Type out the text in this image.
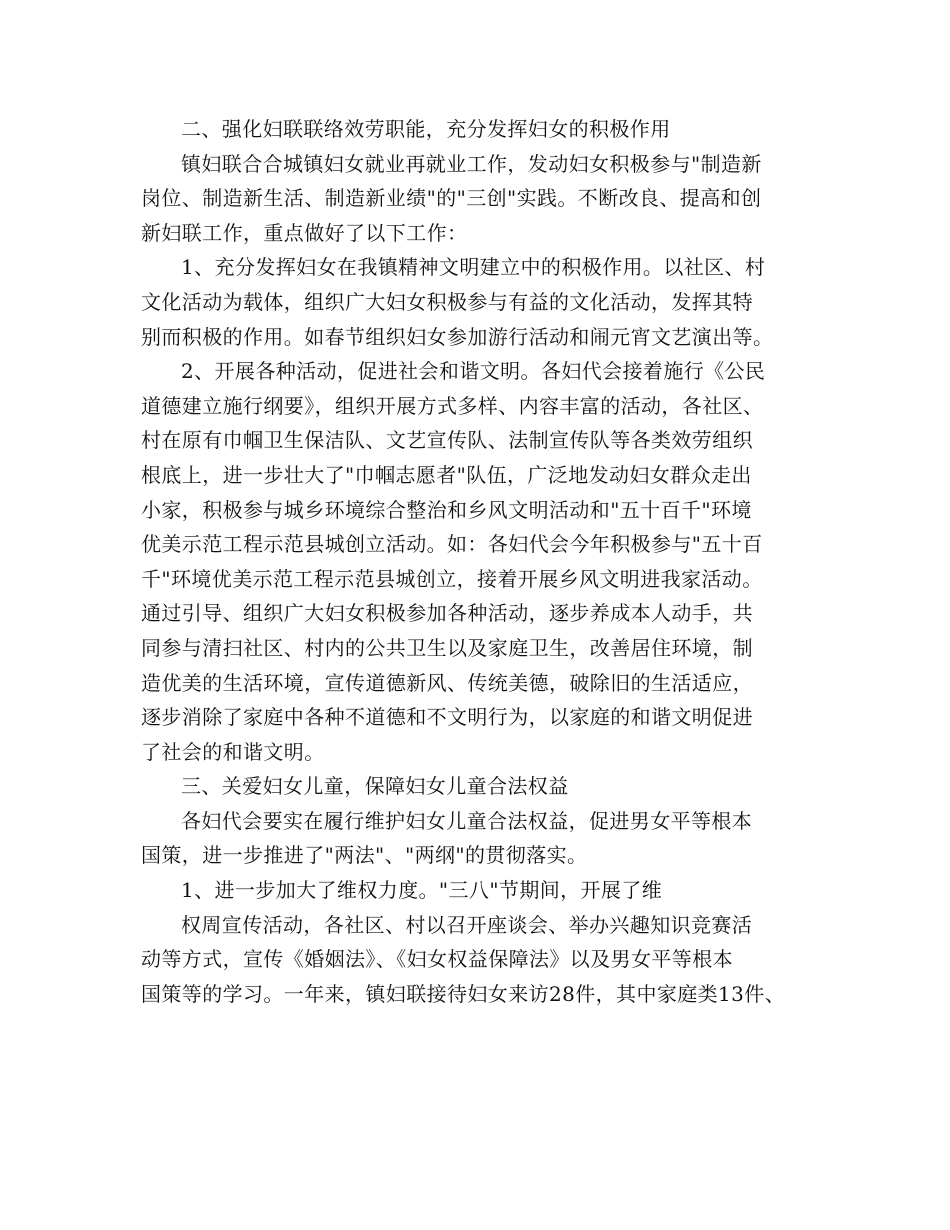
二、强化妇联联络效劳职能，充分发挥妇女的积极作用
镇妇联合合城镇妇女就业再就业工作，发动妇女积极参与"制造新
岗位、制造新生活、制造新业绩"的"三创"实践。不断改良、提高和创
新妇联工作，重点做好了以下工作：
1、充分发挥妇女在我镇精神文明建立中的积极作用。以社区、村
文化活动为载体，组织广大妇女积极参与有益的文化活动，发挥其特
别而积极的作用。如春节组织妇女参加游行活动和闹元宵文艺演出等。
2、开展各种活动，促进社会和谐文明。各妇代会接着施行《公民
道德建立施行纲要》，组织开展方式多样、内容丰富的活动，各社区、
村在原有巾帼卫生保洁队、文艺宣传队、法制宣传队等各类效劳组织
根底上，进一步壮大了"巾帼志愿者"队伍，广泛地发动妇女群众走出
小家，积极参与城乡环境综合整治和乡风文明活动和"五十百千"环境
优美示范工程示范县城创立活动。如：各妇代会今年积极参与"五十百
千"环境优美示范工程示范县城创立，接着开展乡风文明进我家活动。
通过引导、组织广大妇女积极参加各种活动，逐步养成本人动手，共
同参与清扫社区、村内的公共卫生以及家庭卫生，改善居住环境，制
造优美的生活环境，宣传道德新风、传统美德，破除旧的生活适应，
逐步消除了家庭中各种不道德和不文明行为，以家庭的和谐文明促进
了社会的和谐文明。
三、关爱妇女儿童，保障妇女儿童合法权益
各妇代会要实在履行维护妇女儿童合法权益，促进男女平等根本
国策，进一步推进了"两法"、"两纲"的贯彻落实。
1、进一步加大了维权力度。"三八"节期间，开展了维
权周宣传活动，各社区、村以召开座谈会、举办兴趣知识竞赛活
动等方式，宣传《婚姻法》、《妇女权益保障法》以及男女平等根本
国策等的学习。一年来，镇妇联接待妇女来访28件，其中家庭类13件、
